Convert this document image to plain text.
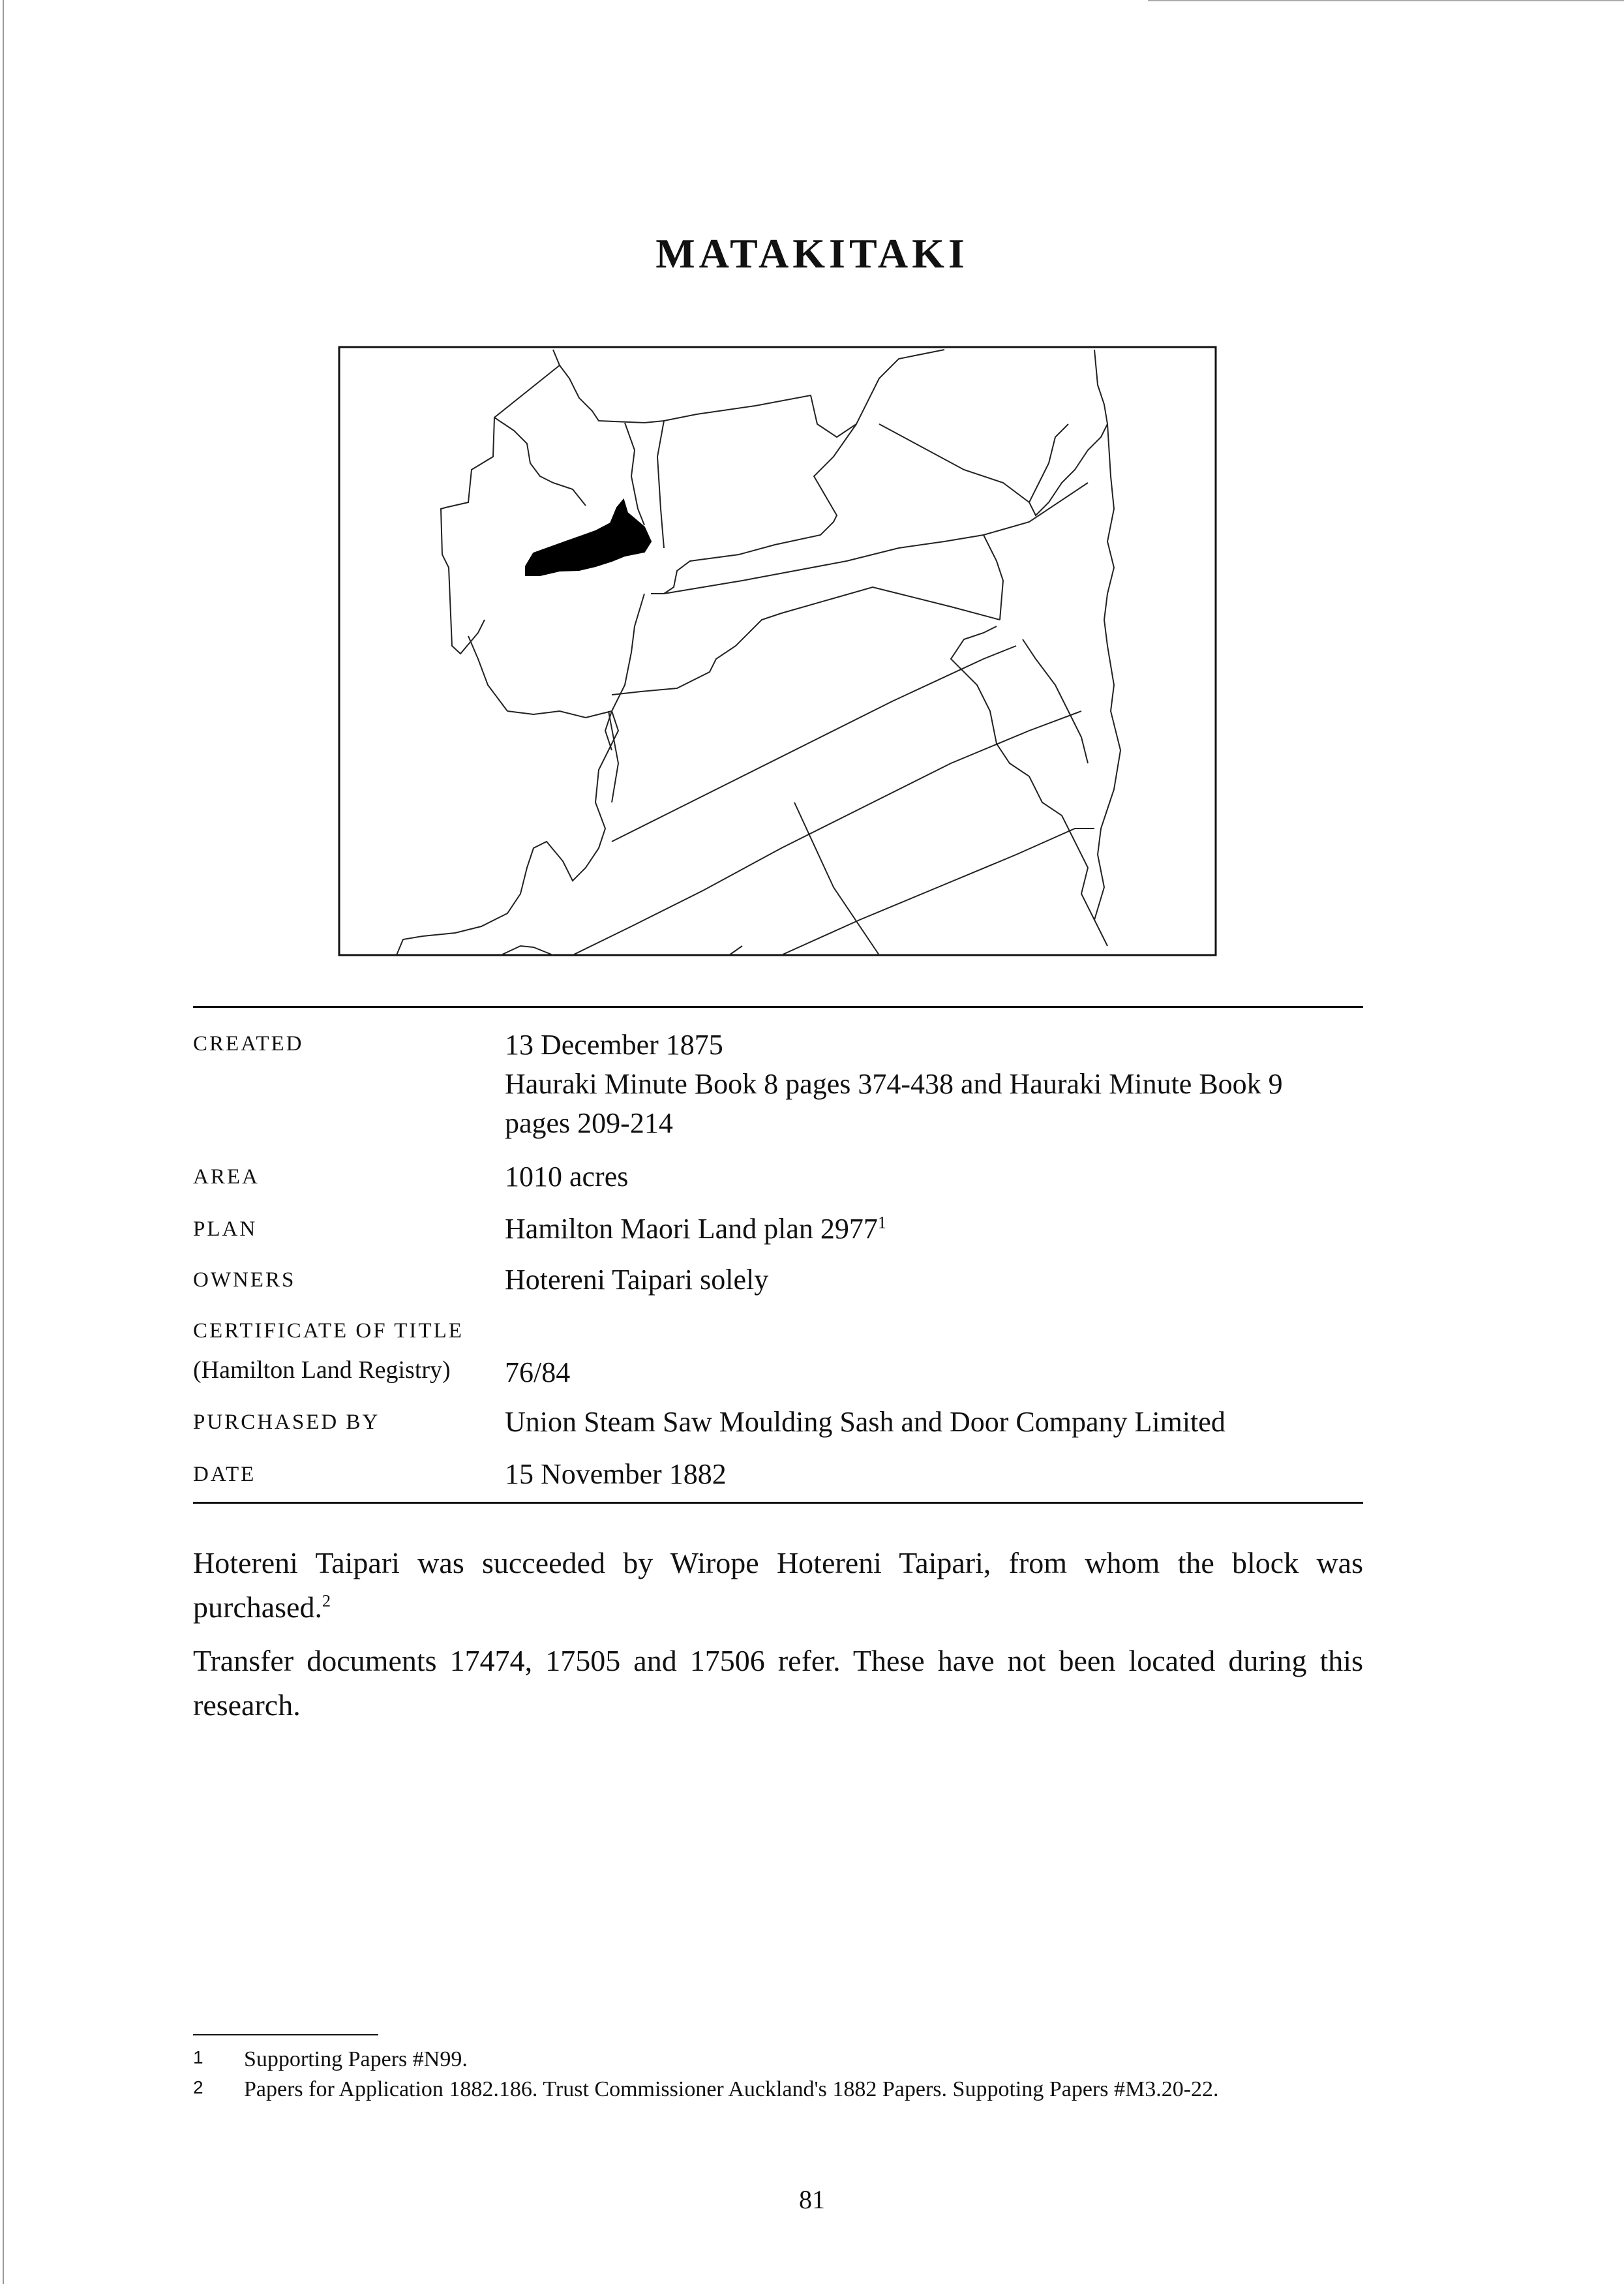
MATAKITAKI
CREATED	13 December 1875
Hauraki Minute Book 8 pages 374-438 and Hauraki Minute Book 9
pages 209-214
AREA	1010 acres
PLAN	Hamilton Maori Land plan 2977$^1$
OWNERS	Hotereni Taipari solely
CERTIFICATE OF TITLE
(Hamilton Land Registry) 76/84
PURCHASED BY	Union Steam Saw Moulding Sash and Door Company Limited
DATE	15 November 1882
Hotereni Taipari was succeeded by Wirope Hotereni Taipari, from whom the block was purchased.$^2$
Transfer documents 17474, 17505 and 17506 refer. These have not been located during this research.
1 Supporting Papers #N99.
2 Papers for Application 1882.186. Trust Commissioner Auckland's 1882 Papers. Suppoting Papers #M3.20-22.
81
